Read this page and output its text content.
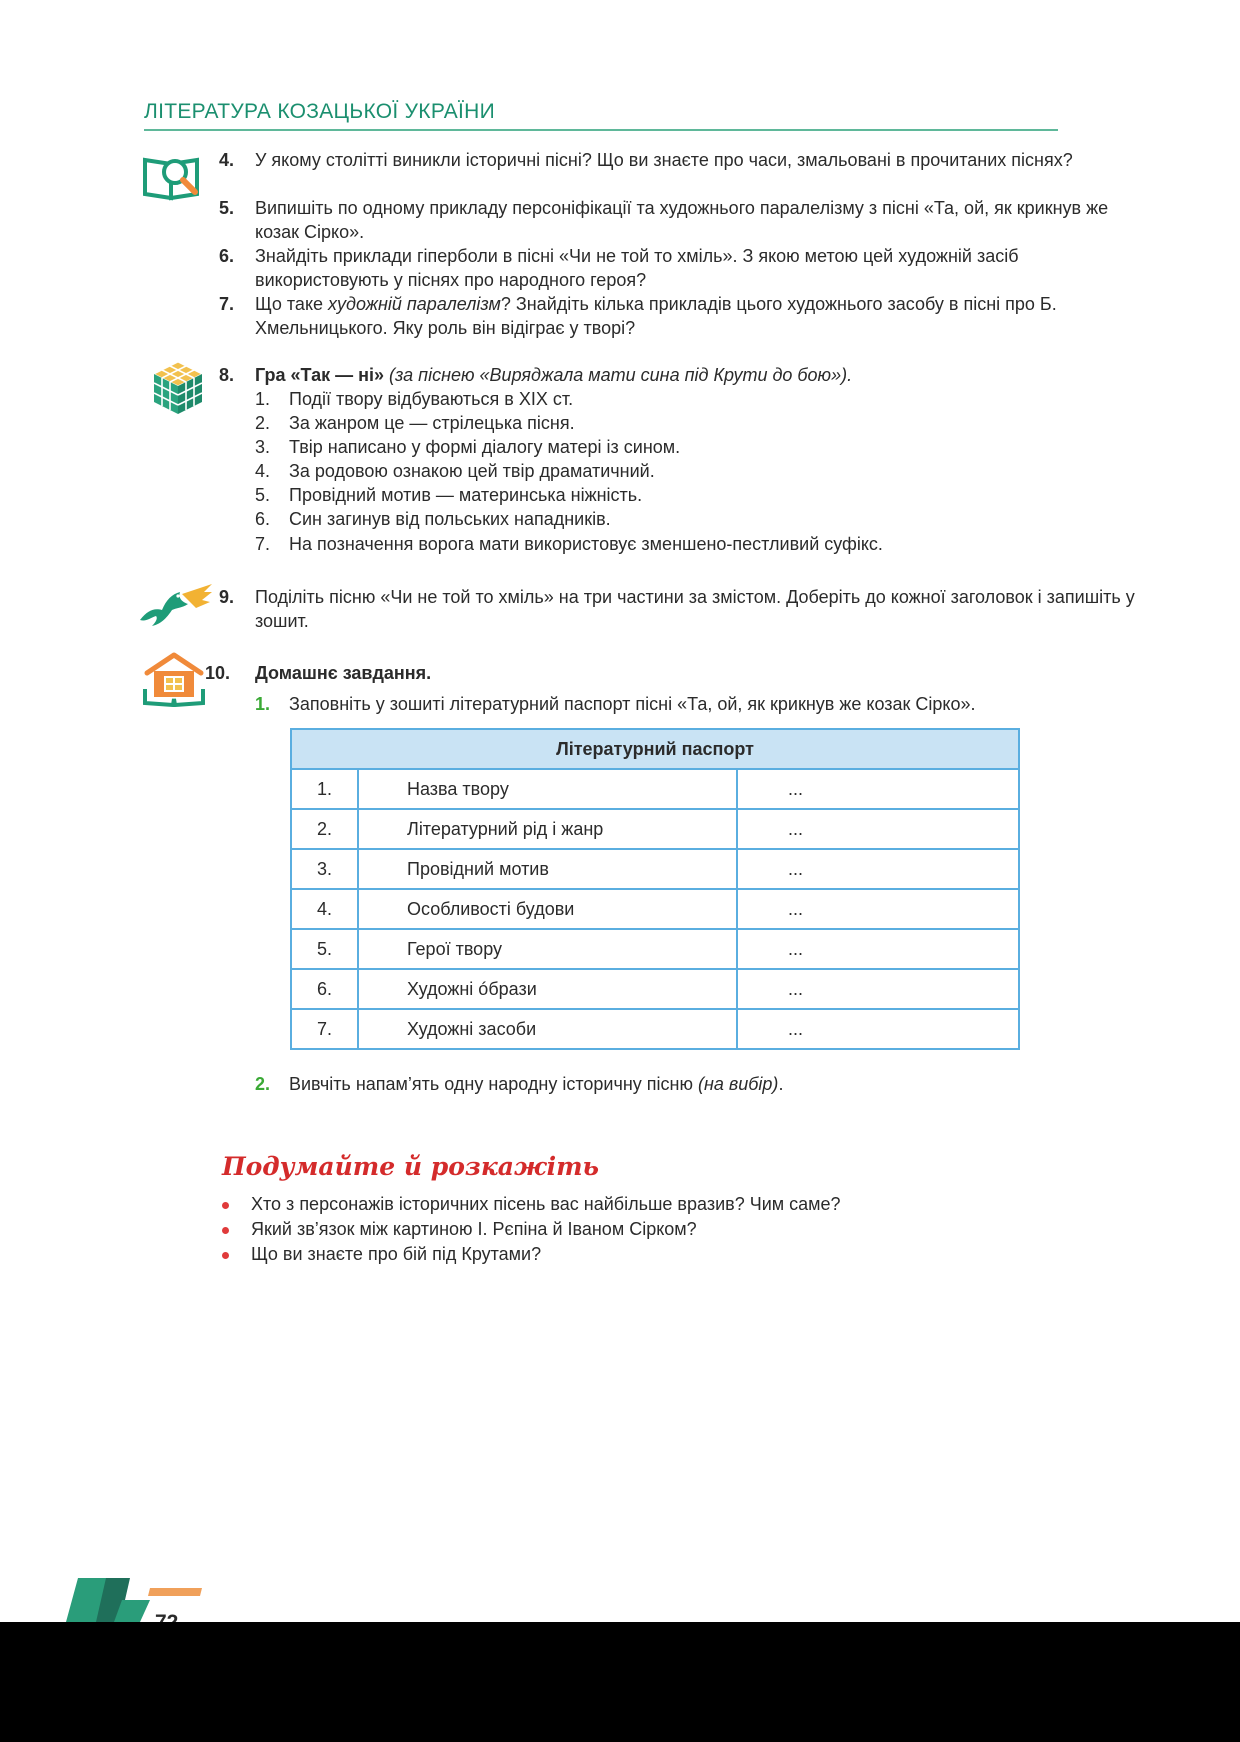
ЛІТЕРАТУРА КОЗАЦЬКОЇ УКРАЇНИ
4.	У якому столітті виникли історичні пісні? Що ви знаєте про часи, змальовані в прочитаних піснях?
5.	Випишіть по одному прикладу персоніфікації та художнього паралелізму з пісні «Та, ой, як крикнув же козак Сірко».
6.	Знайдіть приклади гіперболи в пісні «Чи не той то хміль». З якою метою цей художній засіб використовують у піснях про народного героя?
7.	Що таке художній паралелізм? Знайдіть кілька прикладів цього художнього засобу в пісні про Б. Хмельницького. Яку роль він відіграє у творі?
8.	Гра «Так — ні» (за піснею «Виряджала мати сина під Крути до бою»).
1. Події твору відбуваються в ХІХ ст.
2. За жанром це — стрілецька пісня.
3. Твір написано у формі діалогу матері із сином.
4. За родовою ознакою цей твір драматичний.
5. Провідний мотив — материнська ніжність.
6. Син загинув від польських нападників.
7. На позначення ворога мати використовує зменшено-пестливий суфікс.
9.	Поділіть пісню «Чи не той то хміль» на три частини за змістом. Доберіть до кожної заголовок і запишіть у зошит.
10.	Домашнє завдання.
1. Заповніть у зошиті літературний паспорт пісні «Та, ой, як крикнув же козак Сірко».
Літературний паспорт		
1.	Назва твору	...
2.	Літературний рід і жанр	...
3.	Провідний мотив	...
4.	Особливості будови	...
5.	Герої твору	...
6.	Художні óбрази	...
7.	Художні засоби	...
2. Вивчіть напам’ять одну народну історичну пісню (на вибір).
Подумайте й розкажіть
Хто з персонажів історичних пісень вас найбільше вразив? Чим саме?
Який зв’язок між картиною І. Рєпіна й Іваном Сірком?
Що ви знаєте про бій під Крутами?
